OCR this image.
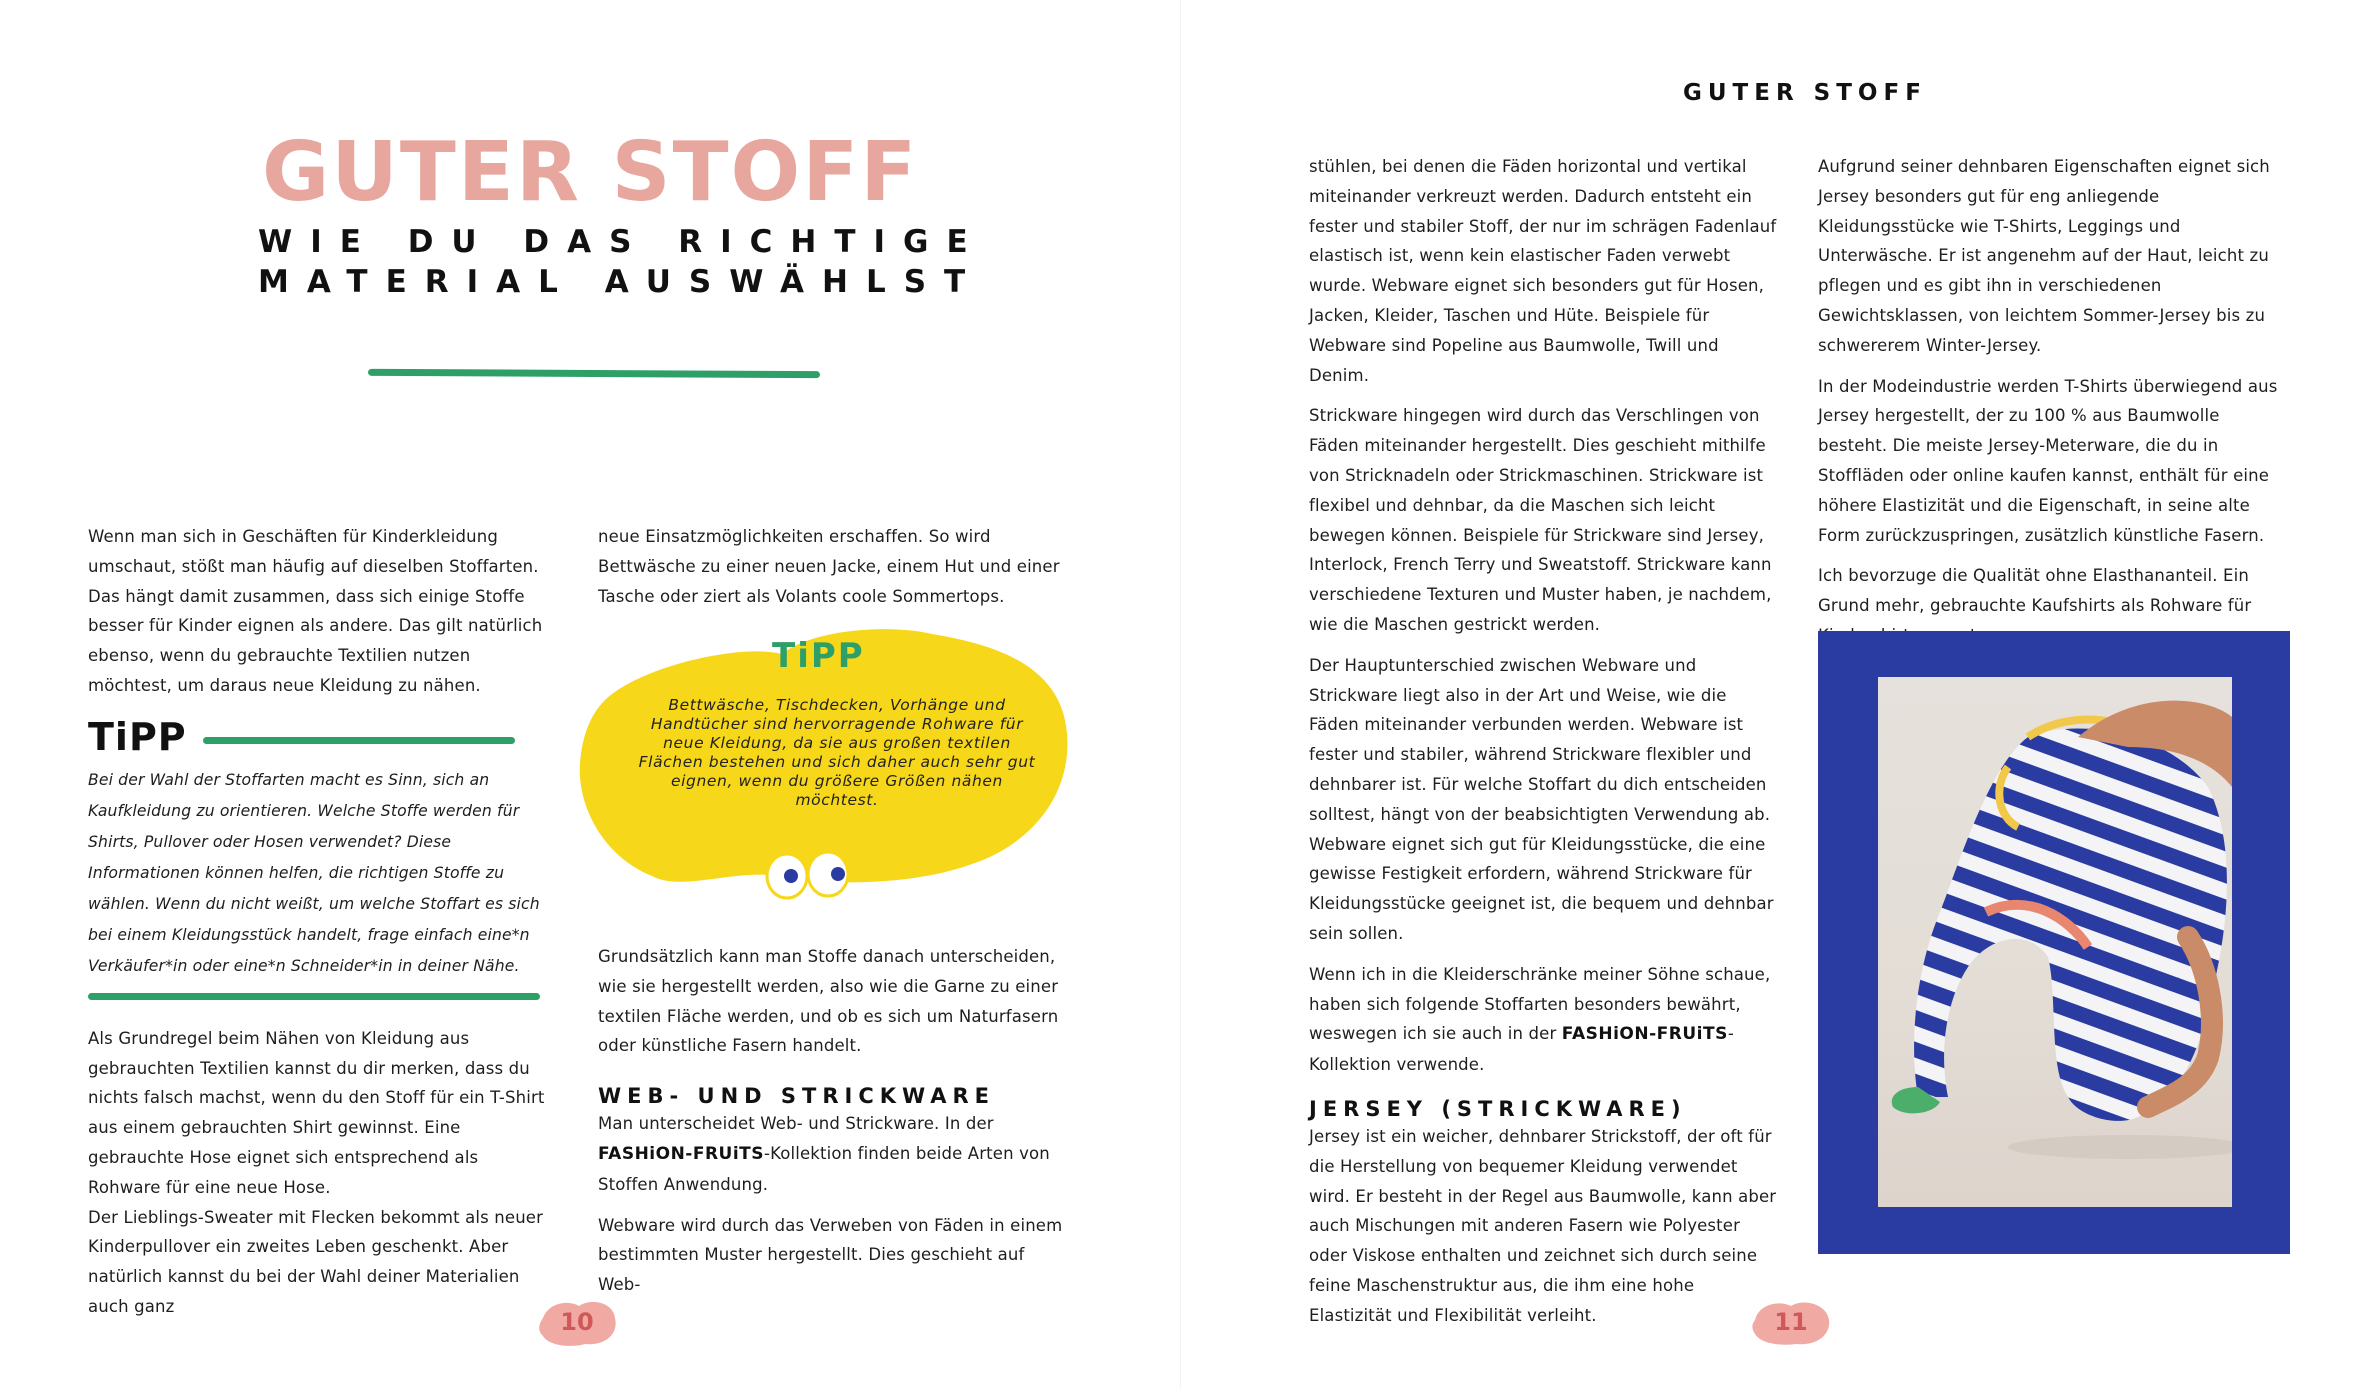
GUTER STOFF
WIE DU DAS RICHTIGE
MATERIAL AUSWÄHLST

Wenn man sich in Geschäften für Kinderkleidung umschaut, stößt man häufig auf dieselben Stoffarten. Das hängt damit zusammen, dass sich einige Stoffe besser für Kinder eignen als andere. Das gilt natürlich ebenso, wenn du gebrauchte Textilien nutzen möchtest, um daraus neue Kleidung zu nähen.

TiPP

Bei der Wahl der Stoffarten macht es Sinn, sich an Kaufkleidung zu orientieren. Welche Stoffe werden für Shirts, Pullover oder Hosen verwendet? Diese Informationen können helfen, die richtigen Stoffe zu wählen. Wenn du nicht weißt, um welche Stoffart es sich bei einem Kleidungsstück handelt, frage einfach eine*n Verkäufer*in oder eine*n Schneider*in in deiner Nähe.

Als Grundregel beim Nähen von Kleidung aus gebrauchten Textilien kannst du dir merken, dass du nichts falsch machst, wenn du den Stoff für ein T-Shirt aus einem gebrauchten Shirt gewinnst. Eine gebrauchte Hose eignet sich entsprechend als Rohware für eine neue Hose.

Der Lieblings-Sweater mit Flecken bekommt als neuer Kinderpullover ein zweites Leben geschenkt. Aber natürlich kannst du bei der Wahl deiner Materialien auch ganz

neue Einsatzmöglichkeiten erschaffen. So wird Bettwäsche zu einer neuen Jacke, einem Hut und einer Tasche oder ziert als Volants coole Sommertops.

TiPP
Bettwäsche, Tischdecken, Vorhänge und Handtücher sind hervorragende Rohware für neue Kleidung, da sie aus großen textilen Flächen bestehen und sich daher auch sehr gut eignen, wenn du größere Größen nähen möchtest.

Grundsätzlich kann man Stoffe danach unterscheiden, wie sie hergestellt werden, also wie die Garne zu einer textilen Fläche werden, und ob es sich um Naturfasern oder künstliche Fasern handelt.

WEB- UND STRICKWARE

Man unterscheidet Web- und Strickware. In der FASHiON-FRUiTS-Kollektion finden beide Arten von Stoffen Anwendung.

Webware wird durch das Verweben von Fäden in einem bestimmten Muster hergestellt. Dies geschieht auf Web-

10
GUTER STOFF

stühlen, bei denen die Fäden horizontal und vertikal miteinander verkreuzt werden. Dadurch entsteht ein fester und stabiler Stoff, der nur im schrägen Fadenlauf elastisch ist, wenn kein elastischer Faden verwebt wurde. Webware eignet sich besonders gut für Hosen, Jacken, Kleider, Taschen und Hüte. Beispiele für Webware sind Popeline aus Baumwolle, Twill und Denim.

Strickware hingegen wird durch das Verschlingen von Fäden miteinander hergestellt. Dies geschieht mithilfe von Stricknadeln oder Strickmaschinen. Strickware ist flexibel und dehnbar, da die Maschen sich leicht bewegen können. Beispiele für Strickware sind Jersey, Interlock, French Terry und Sweatstoff. Strickware kann verschiedene Texturen und Muster haben, je nachdem, wie die Maschen gestrickt werden.

Der Hauptunterschied zwischen Webware und Strickware liegt also in der Art und Weise, wie die Fäden miteinander verbunden werden. Webware ist fester und stabiler, während Strickware flexibler und dehnbarer ist. Für welche Stoffart du dich entscheiden solltest, hängt von der beabsichtigten Verwendung ab. Webware eignet sich gut für Kleidungsstücke, die eine gewisse Festigkeit erfordern, während Strickware für Kleidungsstücke geeignet ist, die bequem und dehnbar sein sollen.

Wenn ich in die Kleiderschränke meiner Söhne schaue, haben sich folgende Stoffarten besonders bewährt, weswegen ich sie auch in der FASHiON-FRUiTS-Kollektion verwende.

JERSEY (STRICKWARE)

Jersey ist ein weicher, dehnbarer Strickstoff, der oft für die Herstellung von bequemer Kleidung verwendet wird. Er besteht in der Regel aus Baumwolle, kann aber auch Mischungen mit anderen Fasern wie Polyester oder Viskose enthalten und zeichnet sich durch seine feine Maschenstruktur aus, die ihm eine hohe Elastizität und Flexibilität verleiht.

Aufgrund seiner dehnbaren Eigenschaften eignet sich Jersey besonders gut für eng anliegende Kleidungsstücke wie T-Shirts, Leggings und Unterwäsche. Er ist angenehm auf der Haut, leicht zu pflegen und es gibt ihn in verschiedenen Gewichtsklassen, von leichtem Sommer-Jersey bis zu schwererem Winter-Jersey.

In der Modeindustrie werden T-Shirts überwiegend aus Jersey hergestellt, der zu 100 % aus Baumwolle besteht. Die meiste Jersey-Meterware, die du in Stoffläden oder online kaufen kannst, enthält für eine höhere Elastizität und die Eigenschaft, in seine alte Form zurückzuspringen, zusätzlich künstliche Fasern.

Ich bevorzuge die Qualität ohne Elasthananteil. Ein Grund mehr, gebrauchte Kaufshirts als Rohware für

11
